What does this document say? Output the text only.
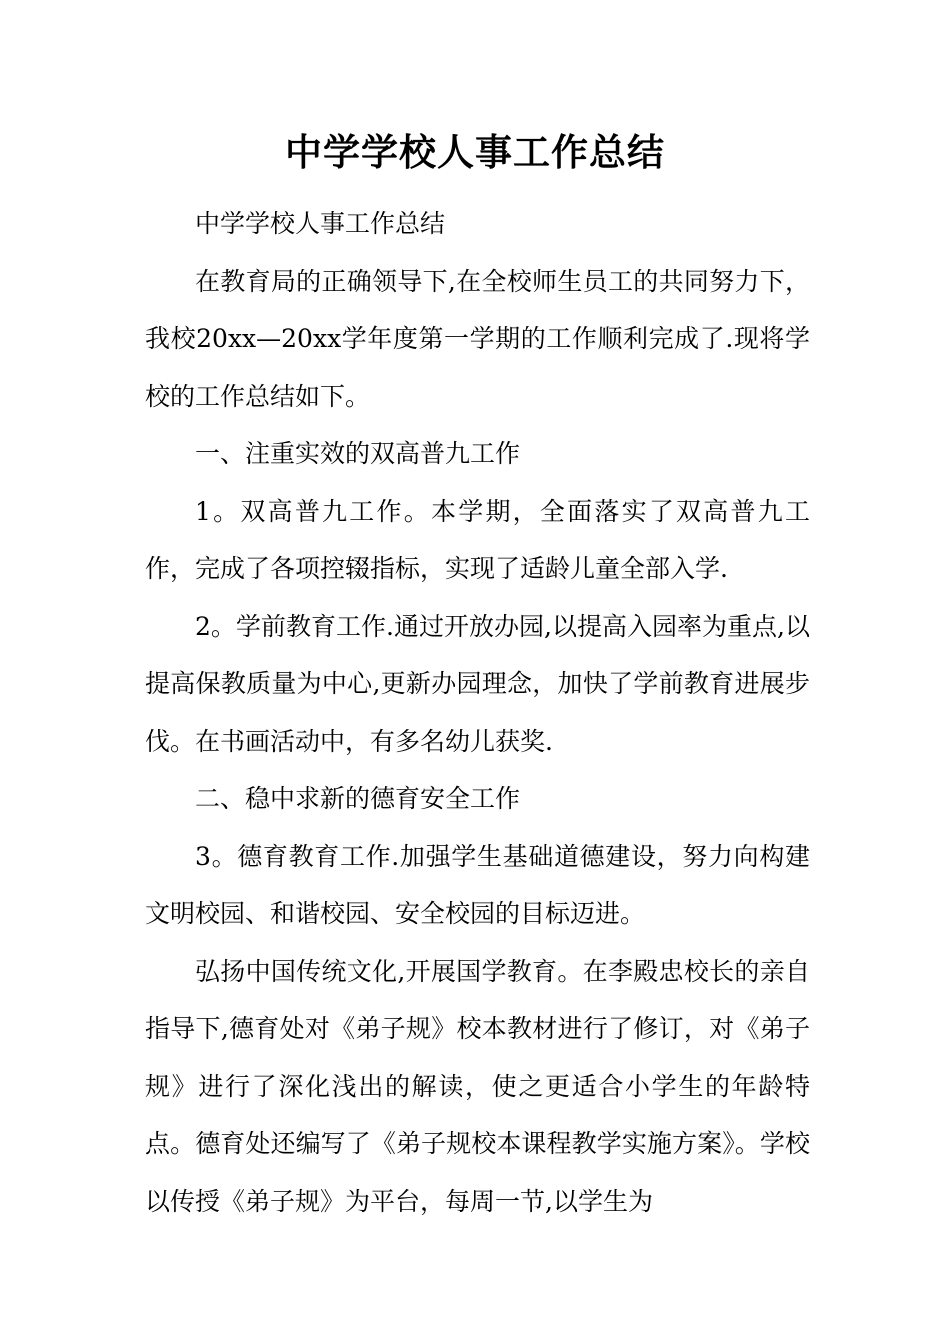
中学学校人事工作总结

中学学校人事工作总结

在教育局的正确领导下,在全校师生员工的共同努力下，我校20xx—20xx学年度第一学期的工作顺利完成了.现将学校的工作总结如下。

一、注重实效的双高普九工作

1。双高普九工作。本学期，全面落实了双高普九工作，完成了各项控辍指标，实现了适龄儿童全部入学.

2。学前教育工作.通过开放办园,以提高入园率为重点,以提高保教质量为中心,更新办园理念，加快了学前教育进展步伐。在书画活动中，有多名幼儿获奖.

二、稳中求新的德育安全工作

3。德育教育工作.加强学生基础道德建设，努力向构建文明校园、和谐校园、安全校园的目标迈进。

弘扬中国传统文化,开展国学教育。在李殿忠校长的亲自指导下,德育处对《弟子规》校本教材进行了修订，对《弟子规》进行了深化浅出的解读，使之更适合小学生的年龄特点。德育处还编写了《弟子规校本课程教学实施方案》。学校以传授《弟子规》为平台，每周一节,以学生为
